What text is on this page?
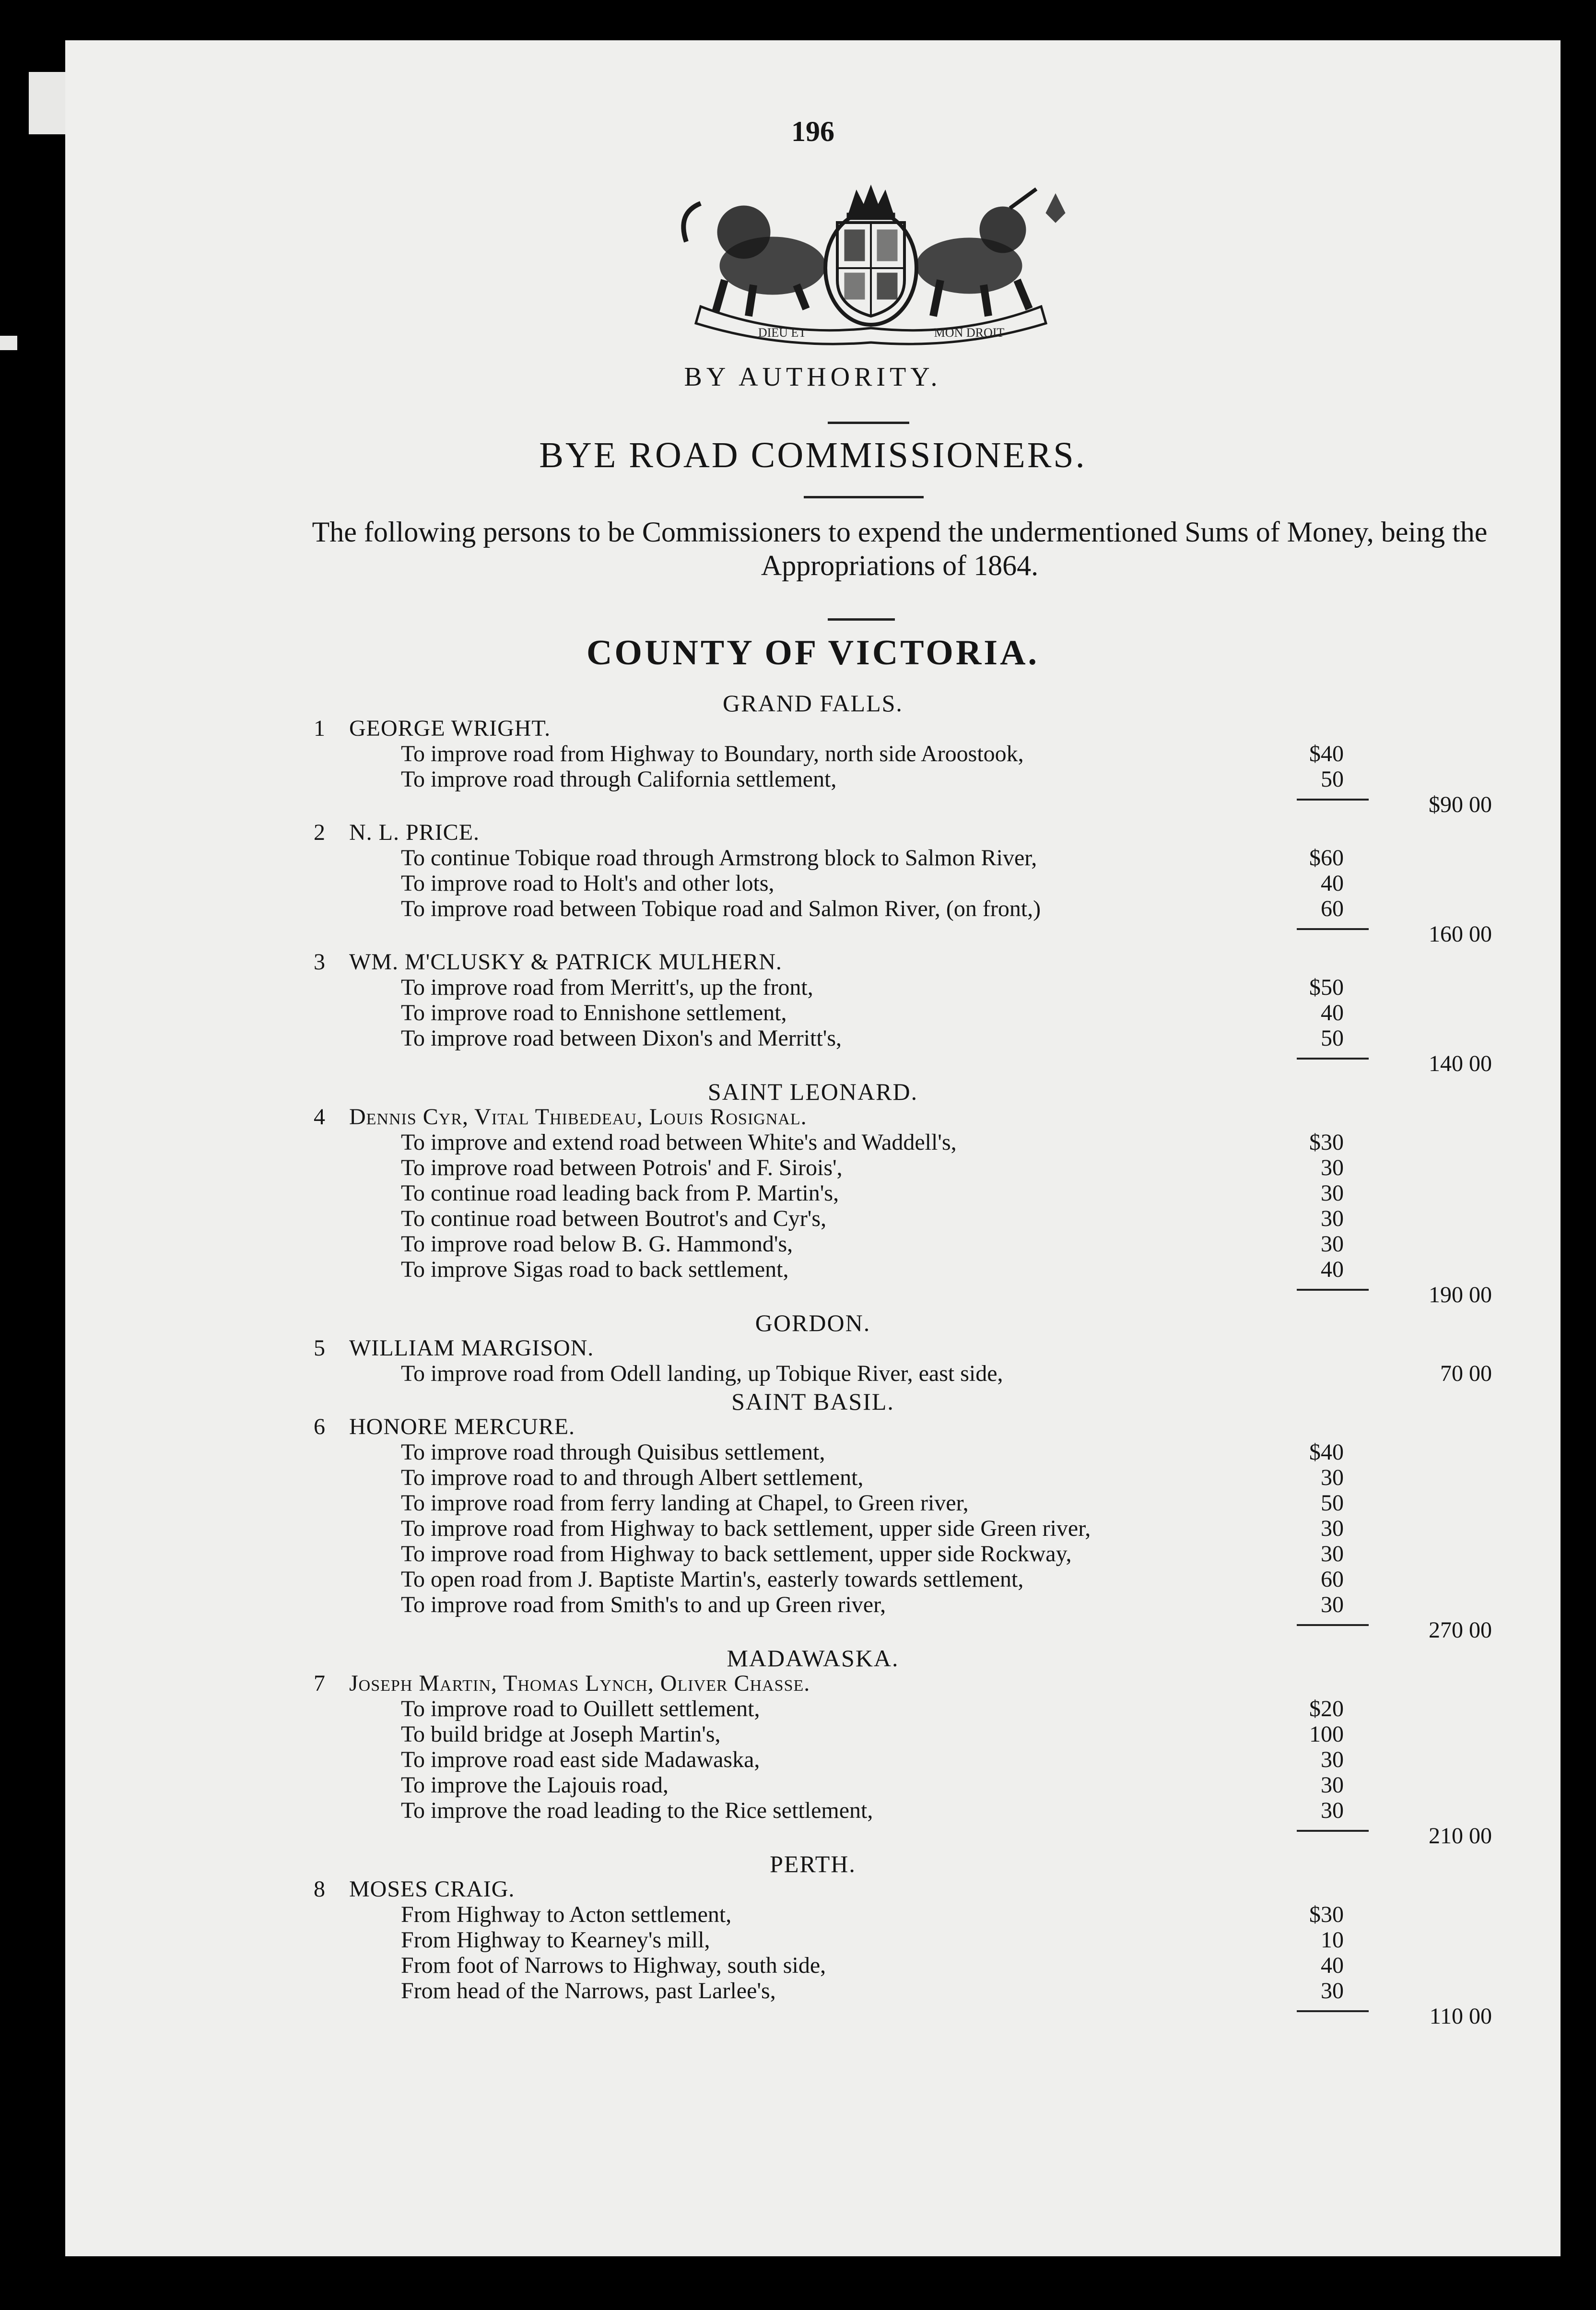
196
DIEU ET	MON DROIT
BY AUTHORITY.
BYE ROAD COMMISSIONERS.
The following persons to be Commissioners to expend the undermentioned Sums of Money, being the Appropriations of 1864.
COUNTY OF VICTORIA.
GRAND FALLS.
1 GEORGE WRIGHT.
To improve road from Highway to Boundary, north side Aroostook,	$40
To improve road through California settlement,	50
$90 00
2 N. L. PRICE.
To continue Tobique road through Armstrong block to Salmon River,	$60
To improve road to Holt's and other lots,	40
To improve road between Tobique road and Salmon River, (on front,)	60
160 00
3 WM. M'CLUSKY & PATRICK MULHERN.
To improve road from Merritt's, up the front,	$50
To improve road to Ennishone settlement,	40
To improve road between Dixon's and Merritt's,	50
140 00
SAINT LEONARD.
4 Dennis Cyr, Vital Thibedeau, Louis Rosignal.
To improve and extend road between White's and Waddell's,	$30
To improve road between Potrois' and F. Sirois',	30
To continue road leading back from P. Martin's,	30
To continue road between Boutrot's and Cyr's,	30
To improve road below B. G. Hammond's,	30
To improve Sigas road to back settlement,	40
190 00
GORDON.
5 WILLIAM MARGISON.
To improve road from Odell landing, up Tobique River, east side,	70 00
SAINT BASIL.
6 HONORE MERCURE.
To improve road through Quisibus settlement,	$40
To improve road to and through Albert settlement,	30
To improve road from ferry landing at Chapel, to Green river,	50
To improve road from Highway to back settlement, upper side Green river,	30
To improve road from Highway to back settlement, upper side Rockway,	30
To open road from J. Baptiste Martin's, easterly towards settlement,	60
To improve road from Smith's to and up Green river,	30
270 00
MADAWASKA.
7 Joseph Martin, Thomas Lynch, Oliver Chasse.
To improve road to Ouillett settlement,	$20
To build bridge at Joseph Martin's,	100
To improve road east side Madawaska,	30
To improve the Lajouis road,	30
To improve the road leading to the Rice settlement,	30
210 00
PERTH.
8 MOSES CRAIG.
From Highway to Acton settlement,	$30
From Highway to Kearney's mill,	10
From foot of Narrows to Highway, south side,	40
From head of the Narrows, past Larlee's,	30
110 00
